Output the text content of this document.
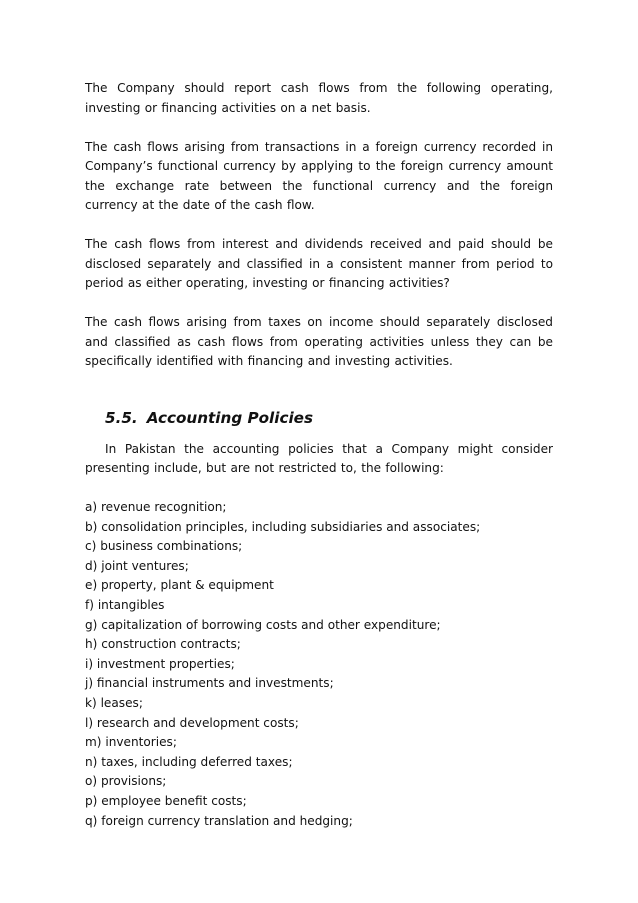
The Company should report cash flows from the following operating, investing or financing activities on a net basis.

The cash flows arising from transactions in a foreign currency recorded in Company’s functional currency by applying to the foreign currency amount the exchange rate between the functional currency and the foreign currency at the date of the cash flow.

The cash flows from interest and dividends received and paid should be disclosed separately and classified in a consistent manner from period to period as either operating, investing or financing activities?

The cash flows arising from taxes on income should separately disclosed and classified as cash flows from operating activities unless they can be specifically identified with financing and investing activities.

5.5. Accounting Policies

In Pakistan the accounting policies that a Company might consider presenting include, but are not restricted to, the following:

a) revenue recognition;
b) consolidation principles, including subsidiaries and associates;
c) business combinations;
d) joint ventures;
e) property, plant & equipment
f) intangibles
g) capitalization of borrowing costs and other expenditure;
h) construction contracts;
i) investment properties;
j) financial instruments and investments;
k) leases;
l) research and development costs;
m) inventories;
n) taxes, including deferred taxes;
o) provisions;
p) employee benefit costs;
q) foreign currency translation and hedging;
